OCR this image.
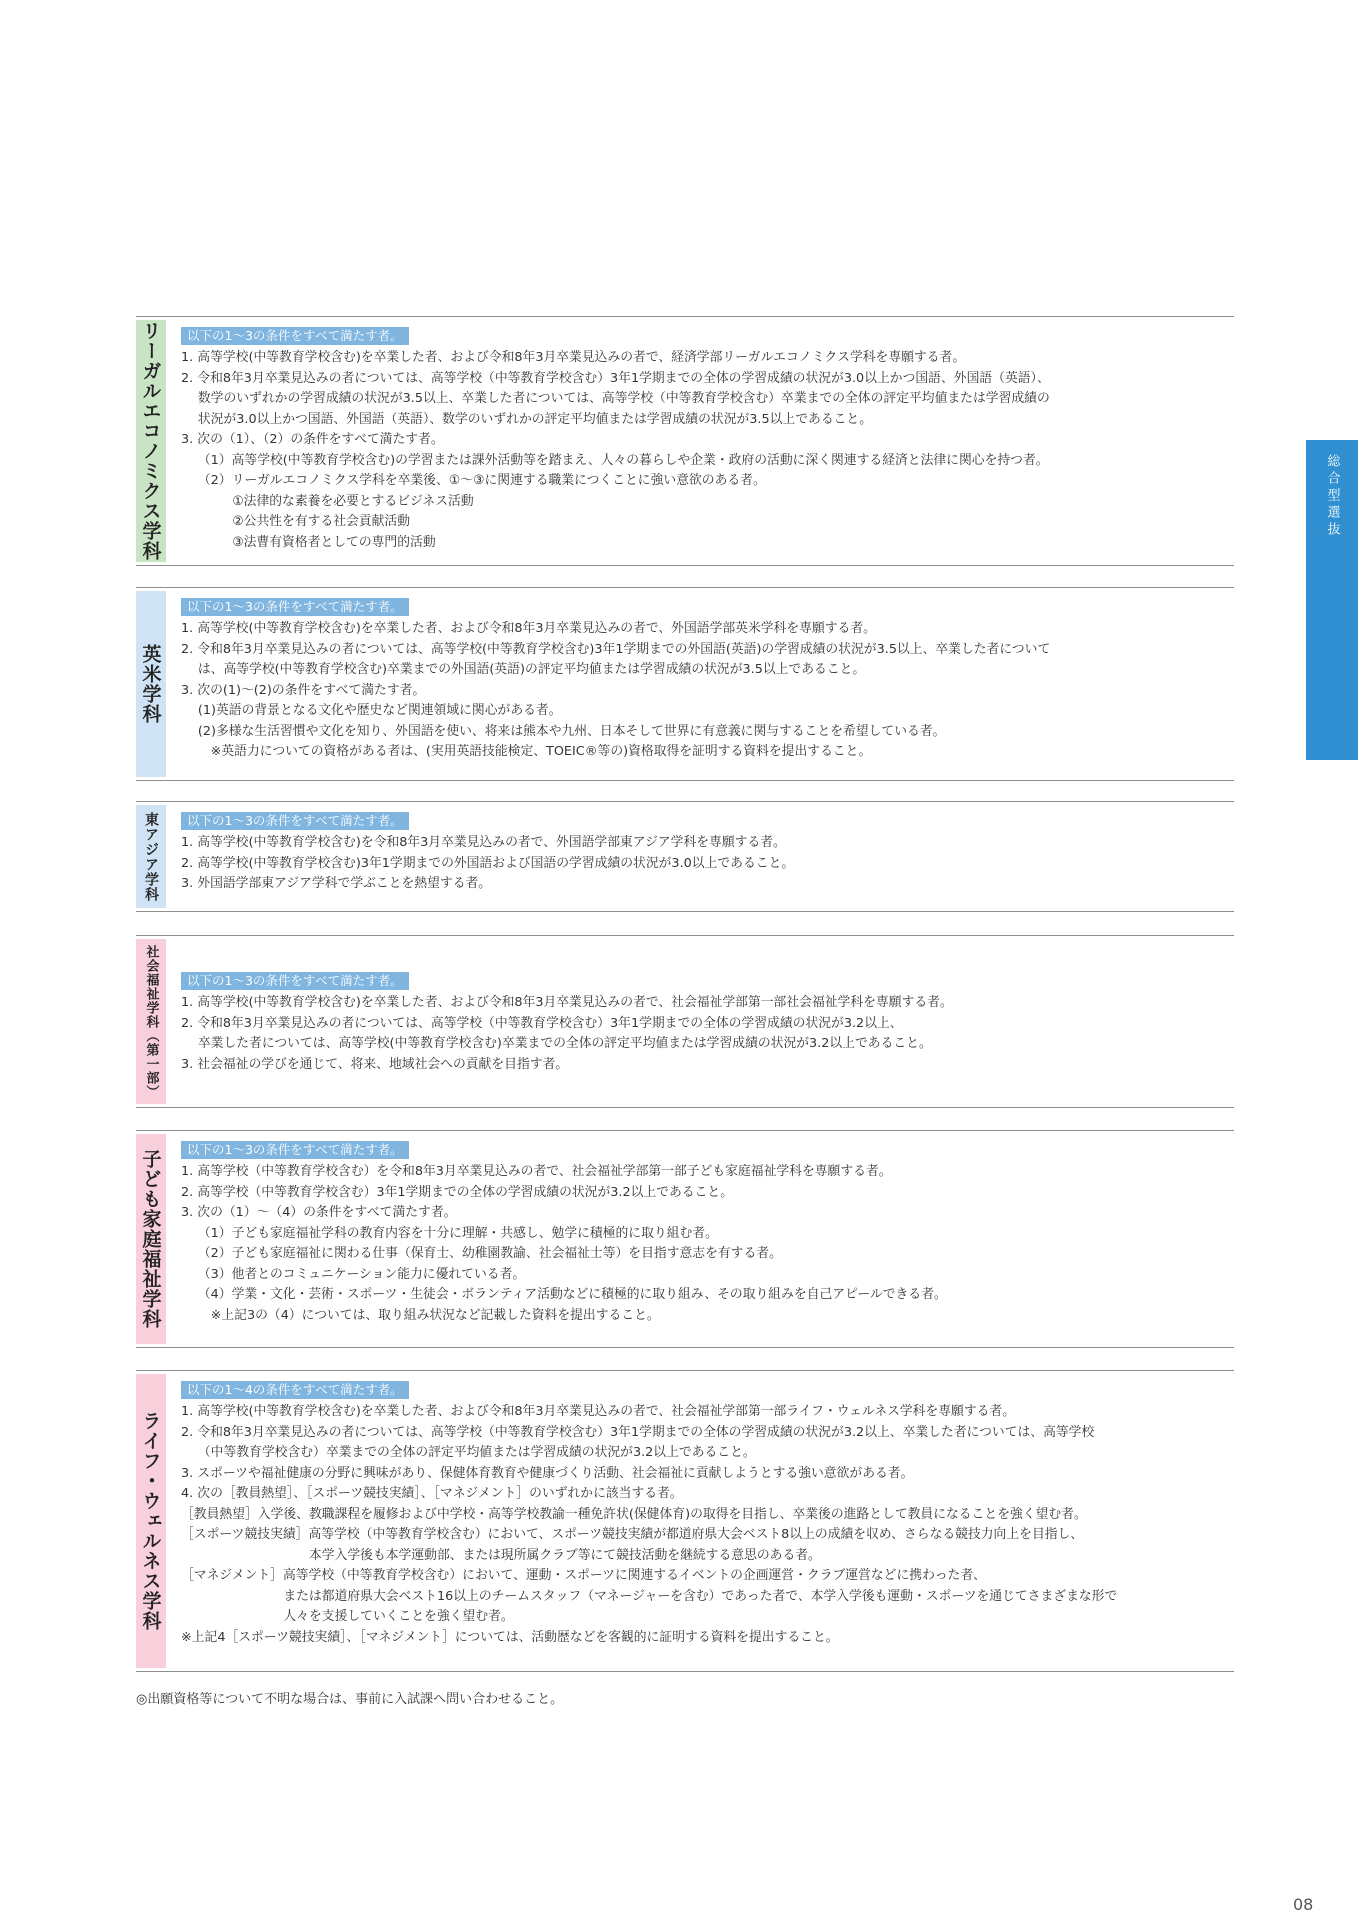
リーガルエコノミクス学科	以下の1～3の条件をすべて満たす者。
1. 高等学校(中等教育学校含む)を卒業した者、および令和8年3月卒業見込みの者で、経済学部リーガルエコノミクス学科を専願する者。
2. 令和8年3月卒業見込みの者については、高等学校（中等教育学校含む）3年1学期までの全体の学習成績の状況が3.0以上かつ国語、外国語（英語）、
　 数学のいずれかの学習成績の状況が3.5以上、卒業した者については、高等学校（中等教育学校含む）卒業までの全体の評定平均値または学習成績の
　 状況が3.0以上かつ国語、外国語（英語）、数学のいずれかの評定平均値または学習成績の状況が3.5以上であること。
3. 次の（1）、（2）の条件をすべて満たす者。
　 （1）高等学校(中等教育学校含む)の学習または課外活動等を踏まえ、人々の暮らしや企業・政府の活動に深く関連する経済と法律に関心を持つ者。
　 （2）リーガルエコノミクス学科を卒業後、①～③に関連する職業につくことに強い意欲のある者。
　　　　①法律的な素養を必要とするビジネス活動
　　　　②公共性を有する社会貢献活動
　　　　③法曹有資格者としての専門的活動
英米学科
以下の1～3の条件をすべて満たす者。
1. 高等学校(中等教育学校含む)を卒業した者、および令和8年3月卒業見込みの者で、外国語学部英米学科を専願する者。
2. 令和8年3月卒業見込みの者については、高等学校(中等教育学校含む)3年1学期までの外国語(英語)の学習成績の状況が3.5以上、卒業した者について
　 は、高等学校(中等教育学校含む)卒業までの外国語(英語)の評定平均値または学習成績の状況が3.5以上であること。
3. 次の(1)～(2)の条件をすべて満たす者。
　 (1)英語の背景となる文化や歴史など関連領域に関心がある者。
　 (2)多様な生活習慣や文化を知り、外国語を使い、将来は熊本や九州、日本そして世界に有意義に関与することを希望している者。
　　 ※英語力についての資格がある者は、(実用英語技能検定、TOEIC®等の)資格取得を証明する資料を提出すること。
東アジア学科	以下の1～3の条件をすべて満たす者。
1. 高等学校(中等教育学校含む)を令和8年3月卒業見込みの者で、外国語学部東アジア学科を専願する者。
2. 高等学校(中等教育学校含む)3年1学期までの外国語および国語の学習成績の状況が3.0以上であること。
3. 外国語学部東アジア学科で学ぶことを熱望する者。
社会福祉学科（第一部）	以下の1～3の条件をすべて満たす者。
1. 高等学校(中等教育学校含む)を卒業した者、および令和8年3月卒業見込みの者で、社会福祉学部第一部社会福祉学科を専願する者。
2. 令和8年3月卒業見込みの者については、高等学校（中等教育学校含む）3年1学期までの全体の学習成績の状況が3.2以上、
　 卒業した者については、高等学校(中等教育学校含む)卒業までの全体の評定平均値または学習成績の状況が3.2以上であること。
3. 社会福祉の学びを通じて、将来、地域社会への貢献を目指す者。
子ども家庭福祉学科	以下の1～3の条件をすべて満たす者。
1. 高等学校（中等教育学校含む）を令和8年3月卒業見込みの者で、社会福祉学部第一部子ども家庭福祉学科を専願する者。
2. 高等学校（中等教育学校含む）3年1学期までの全体の学習成績の状況が3.2以上であること。
3. 次の（1）～（4）の条件をすべて満たす者。
　 （1）子ども家庭福祉学科の教育内容を十分に理解・共感し、勉学に積極的に取り組む者。
　 （2）子ども家庭福祉に関わる仕事（保育士、幼稚園教諭、社会福祉士等）を目指す意志を有する者。
　 （3）他者とのコミュニケーション能力に優れている者。
　 （4）学業・文化・芸術・スポーツ・生徒会・ボランティア活動などに積極的に取り組み、その取り組みを自己アピールできる者。
　　 ※上記3の（4）については、取り組み状況など記載した資料を提出すること。
ライフ・ウェルネス学科
以下の1～4の条件をすべて満たす者。
1. 高等学校(中等教育学校含む)を卒業した者、および令和8年3月卒業見込みの者で、社会福祉学部第一部ライフ・ウェルネス学科を専願する者。
2. 令和8年3月卒業見込みの者については、高等学校（中等教育学校含む）3年1学期までの全体の学習成績の状況が3.2以上、卒業した者については、高等学校
　 （中等教育学校含む）卒業までの全体の評定平均値または学習成績の状況が3.2以上であること。
3. スポーツや福祉健康の分野に興味があり、保健体育教育や健康づくり活動、社会福祉に貢献しようとする強い意欲がある者。
4. 次の［教員熱望］、［スポーツ競技実績］、［マネジメント］のいずれかに該当する者。
［教員熱望］入学後、教職課程を履修および中学校・高等学校教諭一種免許状(保健体育)の取得を目指し、卒業後の進路として教員になることを強く望む者。
［スポーツ競技実績］高等学校（中等教育学校含む）において、スポーツ競技実績が都道府県大会ベスト8以上の成績を収め、さらなる競技力向上を目指し、
　　　　　　　　　　本学入学後も本学運動部、または現所属クラブ等にて競技活動を継続する意思のある者。
［マネジメント］高等学校（中等教育学校含む）において、運動・スポーツに関連するイベントの企画運営・クラブ運営などに携わった者、
　　　　　　　　または都道府県大会ベスト16以上のチームスタッフ（マネージャーを含む）であった者で、本学入学後も運動・スポーツを通じてさまざまな形で
　　　　　　　　人々を支援していくことを強く望む者。
※上記4［スポーツ競技実績］、［マネジメント］については、活動歴などを客観的に証明する資料を提出すること。
◎出願資格等について不明な場合は、事前に入試課へ問い合わせること。
総合型選抜
08
